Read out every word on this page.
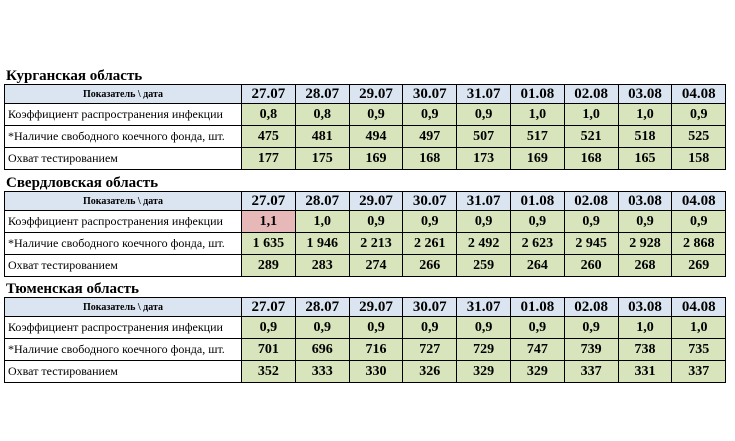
Курганская область
Показатель \ дата	27.07	28.07	29.07	30.07	31.07	01.08	02.08	03.08	04.08
Коэффициент распространения инфекции	0,8	0,8	0,9	0,9	0,9	1,0	1,0	1,0	0,9
*Наличие свободного коечного фонда, шт.	475	481	494	497	507	517	521	518	525
Охват тестированием	177	175	169	168	173	169	168	165	158
Свердловская область
Показатель \ дата	27.07	28.07	29.07	30.07	31.07	01.08	02.08	03.08	04.08
Коэффициент распространения инфекции	1,1	1,0	0,9	0,9	0,9	0,9	0,9	0,9	0,9
*Наличие свободного коечного фонда, шт.	1 635	1 946	2 213	2 261	2 492	2 623	2 945	2 928	2 868
Охват тестированием	289	283	274	266	259	264	260	268	269
Тюменская область
Показатель \ дата	27.07	28.07	29.07	30.07	31.07	01.08	02.08	03.08	04.08
Коэффициент распространения инфекции	0,9	0,9	0,9	0,9	0,9	0,9	0,9	1,0	1,0
*Наличие свободного коечного фонда, шт.	701	696	716	727	729	747	739	738	735
Охват тестированием	352	333	330	326	329	329	337	331	337
